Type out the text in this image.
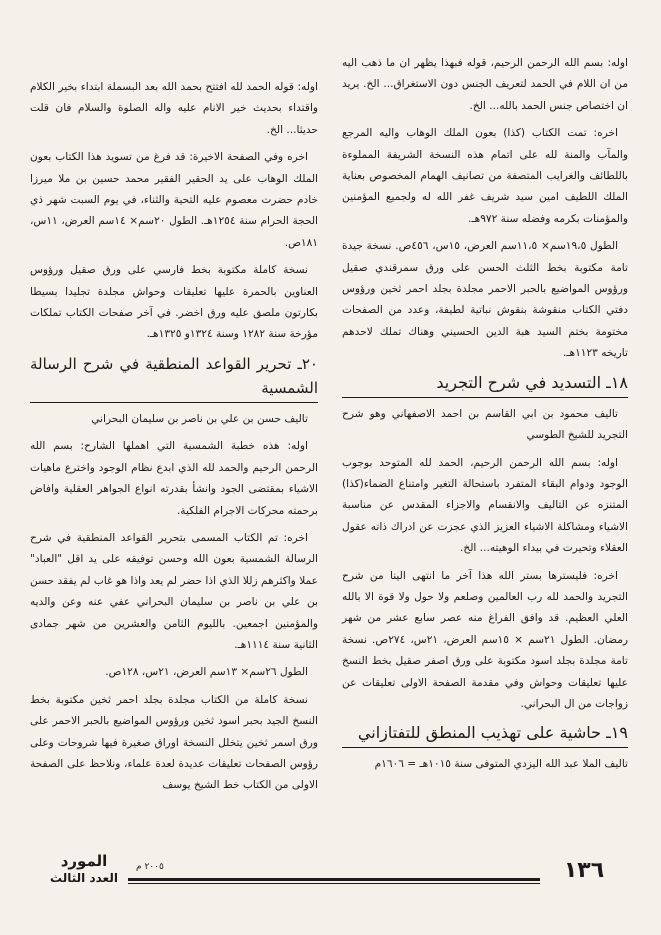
اوله: بسم الله الرحمن الرحيم، قوله فبهذا يظهر ان ما ذهب اليه من ان اللام في الحمد لتعريف الجنس دون الاستغراق... الخ. يريد ان اختصاص جنس الحمد بالله... الخ.

اخره: تمت الكتاب (كذا) بعون الملك الوهاب واليه المرجع والمآب والمنة لله على اتمام هذه النسخة الشريفة المملوءة باللطائف والغرايب المتصفة من تصانيف الهمام المخصوص بعناية الملك اللطيف امين سيد شريف غفر الله له ولجميع المؤمنين والمؤمنات بكرمه وفضله سنة ٩٧٢هـ.

الطول ١٩،٥سم× ١١،٥سم العرض، ١٥س، ٤٥٦ص. نسخة جيدة تامة مكتوبة بخط الثلث الحسن على ورق سمرقندي صقيل ورؤوس المواضيع بالحبر الاحمر مجلدة بجلد احمر ثخين ورؤوس دفتي الكتاب منقوشة بنقوش نباتية لطيفة، وعدد من الصفحات مختومة بختم السيد هبة الدين الحسيني وهناك تملك لاحدهم تاريخه ١١٢٣هـ.

١٨ـ التسديد في شرح التجريد

تاليف محمود بن ابي القاسم بن احمد الاصفهاني وهو شرح التجريد للشيخ الطوسي

اوله: بسم الله الرحمن الرحيم، الحمد لله المتوحد بوجوب الوجود ودوام البقاء المتفرد باستحالة التغير وامتناع الضماء(كذا) المتنزه عن التاليف والانقسام والاجزاء المقدس عن مناسبة الاشياء ومشاكلة الاشياء العزيز الذي عجزت عن ادراك ذاته عقول العقلاء وتحيرت في بيداء الوهيته... الخ.

اخره: فليسترها بستر الله هذا آخر ما انتهى الينا من شرح التجريد والحمد لله رب العالمين وصلعم ولا حول ولا قوة الا بالله العلي العظيم. قد وافق الفراغ منه عصر سابع عشر من شهر رمضان. الطول ٢١سم × ١٥سم العرض، ٢١س، ٢٧٤ص. نسخة تامة مجلدة بجلد اسود مكتوبة على ورق اصفر صقيل بخط النسخ عليها تعليقات وحواش وفي مقدمة الصفحة الاولى تعليقات عن زواجات من ال البحراني.

١٩ـ حاشية على تهذيب المنطق للتفتازاني

تاليف الملا عبد الله اليزدي المتوفى سنة ١٠١٥هـ = ١٦٠٦م

اوله: قوله الحمد لله افتتح بحمد الله بعد البسملة ابتداء بخير الكلام واقتداء بحديث خير الانام عليه واله الصلوة والسلام فان قلت حديثا... الخ.

اخره وفي الصفحة الاخيرة: قد فرغ من تسويد هذا الكتاب بعون الملك الوهاب على يد الحقير الفقير محمد حسين بن ملا ميرزا خادم حضرت معصوم عليه التحية والثناء، في يوم السبت شهر ذي الحجة الحرام سنة ١٢٥٤هـ. الطول ٢٠سم× ١٤سم العرض، ١١س، ١٨١ص.

نسخة كاملة مكتوبة بخط فارسي على ورق صقيل ورؤوس العناوين بالحمرة عليها تعليقات وحواش مجلدة تجليدا بسيطا بكارتون ملصق عليه ورق اخضر. في آخر صفحات الكتاب تملكات مؤرخة سنة ١٢٨٢ وسنة ١٣٢٤و ١٣٢٥هـ.

٢٠ـ تحرير القواعد المنطقية في شرح الرسالة الشمسية

تاليف حسن بن علي بن ناصر بن سليمان البحراني

اوله: هذه خطبة الشمسية التي اهملها الشارح: بسم الله الرحمن الرحيم والحمد لله الذي ابدع نظام الوجود واخترع ماهيات الاشياء بمقتضى الجود وانشأ بقدرته انواع الجواهر العقلية وافاض برحمته محركات الاجرام الفلكية.

اخره: تم الكتاب المسمى بتحرير القواعد المنطقية في شرح الرسالة الشمسية بعون الله وحسن توفيقه على يد اقل "العباد" عملا واكثرهم زللا الذي اذا حضر لم يعد واذا هو غاب لم يفقد حسن بن علي بن ناصر بن سليمان البحراني عفي عنه وعن والديه والمؤمنين اجمعين. بالليوم الثامن والعشرين من شهر جمادى الثانية سنة ١١١٤هـ.

الطول ٢٦سم× ١٣سم العرض، ٢١س، ١٢٨ص.

نسخة كاملة من الكتاب مجلدة بجلد احمر ثخين مكتوبة بخط النسخ الجيد بحبر اسود ثخين ورؤوس المواضيع بالحبر الاحمر على ورق اسمر ثخين يتخلل النسخة اوراق صغيرة فيها شروحات وعلى رؤوس الصفحات تعليقات عديدة لعدة علماء، ونلاحظ على الصفحة الاولى من الكتاب خط الشيخ يوسف

المورد
العدد الثالث
٢٠٠٥ م	١٣٦
